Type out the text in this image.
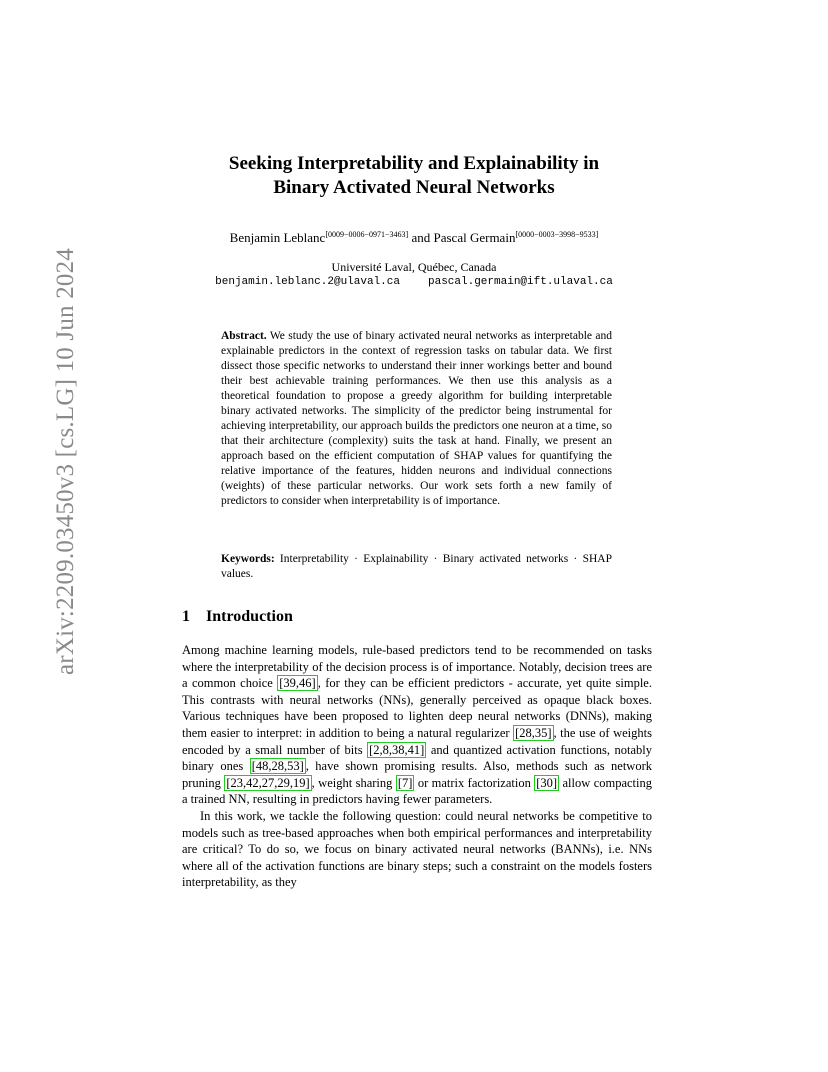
arXiv:2209.03450v3 [cs.LG] 10 Jun 2024
Seeking Interpretability and Explainability in
Binary Activated Neural Networks
Benjamin Leblanc[0009−0006−0971−3463] and Pascal Germain[0000−0003−3998−9533]
Université Laval, Québec, Canada
benjamin.leblanc.2@ulaval.ca	pascal.germain@ift.ulaval.ca
Abstract. We study the use of binary activated neural networks as interpretable and explainable predictors in the context of regression tasks on tabular data. We first dissect those specific networks to understand their inner workings better and bound their best achievable training performances. We then use this analysis as a theoretical foundation to propose a greedy algorithm for building interpretable binary activated networks. The simplicity of the predictor being instrumental for achieving interpretability, our approach builds the predictors one neuron at a time, so that their architecture (complexity) suits the task at hand. Finally, we present an approach based on the efficient computation of SHAP values for quantifying the relative importance of the features, hidden neurons and individual connections (weights) of these particular networks. Our work sets forth a new family of predictors to consider when interpretability is of importance.
Keywords: Interpretability · Explainability · Binary activated networks · SHAP values.
1 Introduction

Among machine learning models, rule-based predictors tend to be recommended on tasks where the interpretability of the decision process is of importance. Notably, decision trees are a common choice [39,46] , for they can be efficient predictors - accurate, yet quite simple. This contrasts with neural networks (NNs), generally perceived as opaque black boxes. Various techniques have been proposed to lighten deep neural networks (DNNs), making them easier to interpret: in addition to being a natural regularizer [28,35] , the use of weights encoded by a small number of bits [2,8,38,41] and quantized activation functions, notably binary ones [48,28,53] , have shown promising results. Also, methods such as network pruning [23,42,27,29,19] , weight sharing [7] or matrix factorization [30] allow compacting a trained NN, resulting in predictors having fewer parameters.

In this work, we tackle the following question: could neural networks be competitive to models such as tree-based approaches when both empirical performances and interpretability are critical? To do so, we focus on binary activated neural networks (BANNs), i.e. NNs where all of the activation functions are binary steps; such a constraint on the models fosters interpretability, as they
